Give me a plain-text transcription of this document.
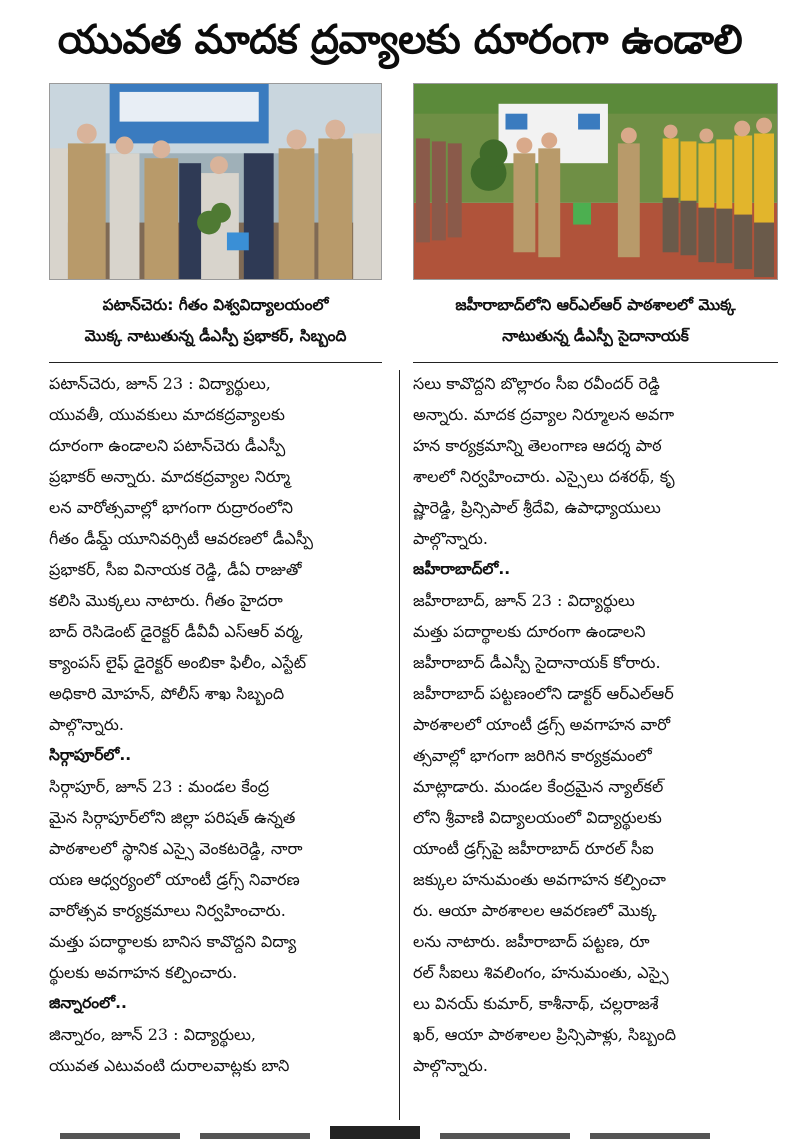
యువత మాదక ద్రవ్యాలకు దూరంగా ఉండాలి
పటాన్‌చెరు: గీతం విశ్వవిద్యాలయంలో
మొక్క నాటుతున్న డీఎస్పీ ప్రభాకర్, సిబ్బంది
జహీరాబాద్‌లోని ఆర్‌ఎల్‌ఆర్ పాఠశాలలో మొక్క
నాటుతున్న డీఎస్పీ సైదానాయక్
పటాన్‌చెరు, జూన్ 23 : విద్యార్థులు,
యువతీ, యువకులు మాదకద్రవ్యాలకు
దూరంగా ఉండాలని పటాన్‌చెరు డీఎస్పీ
ప్రభాకర్ అన్నారు. మాదకద్రవ్యాల నిర్మూ
లన వారోత్సవాల్లో భాగంగా రుద్రారంలోని
గీతం డీమ్డ్ యూనివర్సిటీ ఆవరణలో డీఎస్పీ
ప్రభాకర్, సీఐ వినాయక రెడ్డి, డీఏ రాజుతో
కలిసి మొక్కలు నాటారు. గీతం హైదరా
బాద్ రెసిడెంట్ డైరెక్టర్ డీవీవీ ఎస్‌ఆర్ వర్మ,
క్యాంపస్ లైఫ్ డైరెక్టర్ అంబికా ఫిలీం, ఎస్టేట్
అధికారి మోహన్, పోలీస్ శాఖ సిబ్బంది
పాల్గొన్నారు.
సిర్గాపూర్‌లో..
సిర్గాపూర్, జూన్ 23 : మండల కేంద్ర
మైన సిర్గాపూర్‌లోని జిల్లా పరిషత్ ఉన్నత
పాఠశాలలో స్థానిక ఎస్సై వెంకటరెడ్డి, నారా
యణ ఆధ్వర్యంలో యాంటీ డ్రగ్స్ నివారణ
వారోత్సవ కార్యక్రమాలు నిర్వహించారు.
మత్తు పదార్థాలకు బానిస కావొద్దని విద్యా
ర్థులకు అవగాహన కల్పించారు.
జిన్నారంలో..
జిన్నారం, జూన్ 23 : విద్యార్థులు,
యువత ఎటువంటి దురాలవాట్లకు బాని
సలు కావొద్దని బొల్లారం సీఐ రవీందర్ రెడ్డి
అన్నారు. మాదక ద్రవ్యాల నిర్మూలన అవగా
హన కార్యక్రమాన్ని తెలంగాణ ఆదర్శ పాఠ
శాలలో నిర్వహించారు. ఎస్సైలు దశరథ్, కృ
ష్ణారెడ్డి, ప్రిన్సిపాల్ శ్రీదేవి, ఉపాధ్యాయులు
పాల్గొన్నారు.
జహీరాబాద్‌లో..
జహీరాబాద్, జూన్ 23 : విద్యార్థులు
మత్తు పదార్థాలకు దూరంగా ఉండాలని
జహీరాబాద్ డీఎస్పీ సైదానాయక్ కోరారు.
జహీరాబాద్ పట్టణంలోని డాక్టర్ ఆర్‌ఎల్‌ఆర్
పాఠశాలలో యాంటీ డ్రగ్స్ అవగాహన వారో
త్సవాల్లో భాగంగా జరిగిన కార్యక్రమంలో
మాట్లాడారు. మండల కేంద్రమైన న్యాల్‌కల్
లోని శ్రీవాణి విద్యాలయంలో విద్యార్థులకు
యాంటీ డ్రగ్స్‌పై జహీరాబాద్ రూరల్ సీఐ
జక్కుల హనుమంతు అవగాహన కల్పించా
రు. ఆయా పాఠశాలల ఆవరణలో మొక్క
లను నాటారు. జహీరాబాద్ పట్టణ, రూ
రల్ సీఐలు శివలింగం, హనుమంతు, ఎస్సై
లు వినయ్ కుమార్, కాశీనాథ్, చల్లరాజశే
ఖర్, ఆయా పాఠశాలల ప్రిన్సిపాళ్లు, సిబ్బంది
పాల్గొన్నారు.
